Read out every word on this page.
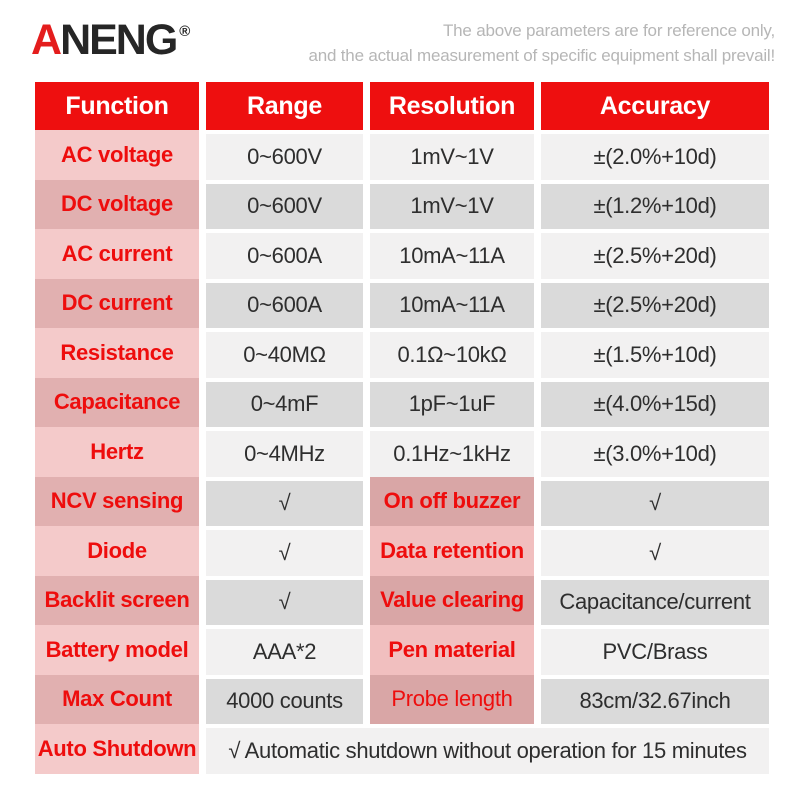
ANENG ®	The above parameters are for reference only,
and the actual measurement of specific equipment shall prevail!
Function	Range	Resolution	Accuracy
AC voltage	0~600V	1mV~1V	±(2.0%+10d)
DC voltage	0~600V	1mV~1V	±(1.2%+10d)
AC current	0~600A	10mA~11A	±(2.5%+20d)
DC current	0~600A	10mA~11A	±(2.5%+20d)
Resistance	0~40MΩ	0.1Ω~10kΩ	±(1.5%+10d)
Capacitance	0~4mF	1pF~1uF	±(4.0%+15d)
Hertz	0~4MHz	0.1Hz~1kHz	±(3.0%+10d)
NCV sensing	√	On off buzzer	√
Diode	√	Data retention	√
Backlit screen	√	Value clearing	Capacitance/current
Battery model	AAA*2	Pen material	PVC/Brass
Max Count	4000 counts	Probe length	83cm/32.67inch
Auto Shutdown	√ Automatic shutdown without operation for 15 minutes
